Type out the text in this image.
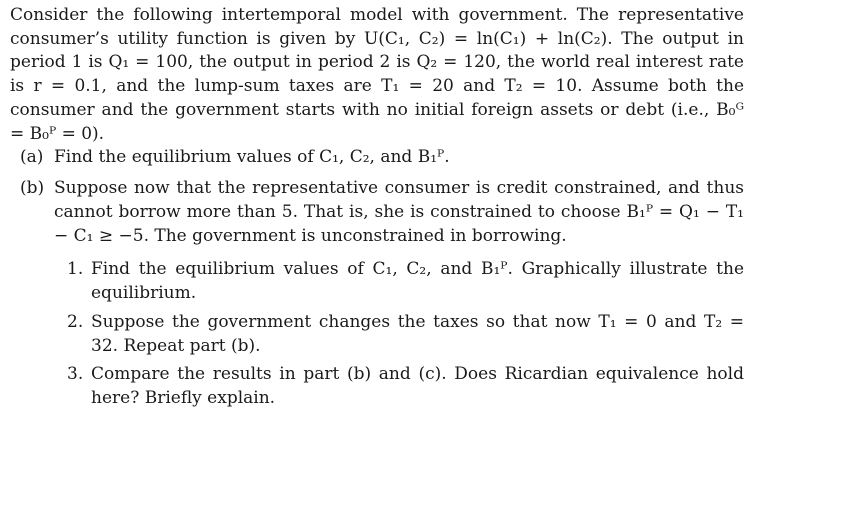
Consider the following intertemporal model with government. The representative consumer’s utility function is given by U(C₁, C₂) = ln(C₁) + ln(C₂). The output in period 1 is Q₁ = 100, the output in period 2 is Q₂ = 120, the world real interest rate is r = 0.1, and the lump-sum taxes are T₁ = 20 and T₂ = 10. Assume both the consumer and the government starts with no initial foreign assets or debt (i.e., B₀ᴳ = B₀ᴾ = 0).
(a) Find the equilibrium values of C₁, C₂, and B₁ᴾ.
(b) Suppose now that the representative consumer is credit constrained, and thus cannot borrow more than 5. That is, she is constrained to choose B₁ᴾ = Q₁ − T₁ − C₁ ≥ −5. The government is unconstrained in borrowing.
1. Find the equilibrium values of C₁, C₂, and B₁ᴾ. Graphically illustrate the equilibrium.
2. Suppose the government changes the taxes so that now T₁ = 0 and T₂ = 32. Repeat part (b).
3. Compare the results in part (b) and (c). Does Ricardian equivalence hold here? Briefly explain.
